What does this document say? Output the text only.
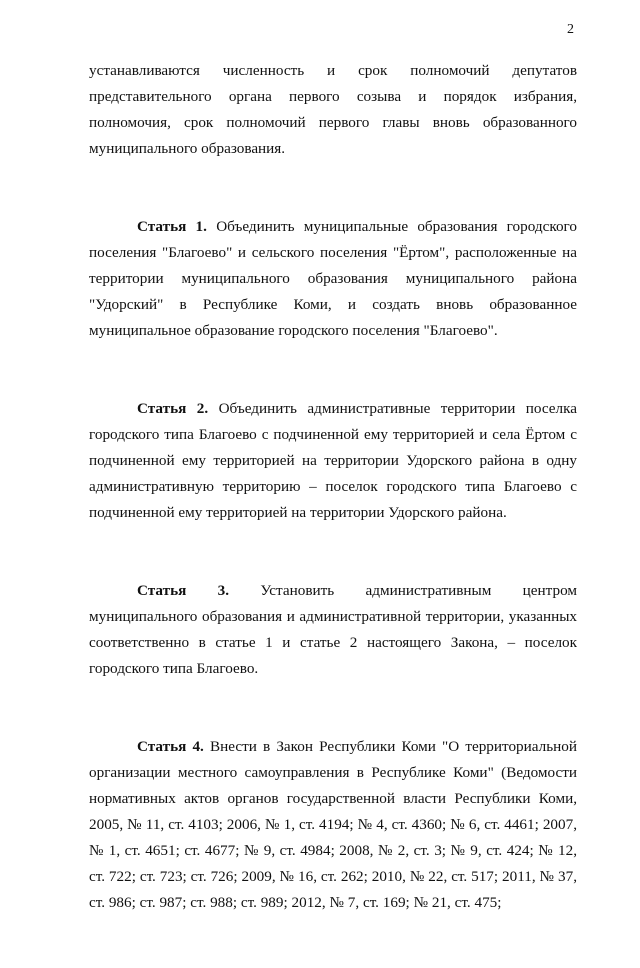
2

устанавливаются численность и срок полномочий депутатов представительного органа первого созыва и порядок избрания, полномочия, срок полномочий первого главы вновь образованного муниципального образования.

Статья 1. Объединить муниципальные образования городского поселения "Благоево" и сельского поселения "Ёртом", расположенные на территории муниципального образования муниципального района "Удорский" в Республике Коми, и создать вновь образованное муниципальное образование городского поселения "Благоево".

Статья 2. Объединить административные территории поселка городского типа Благоево с подчиненной ему территорией и села Ёртом с подчиненной ему территорией на территории Удорского района в одну административную территорию – поселок городского типа Благоево с подчиненной ему территорией на территории Удорского района.

Статья 3. Установить административным центром муниципального образования и административной территории, указанных соответственно в статье 1 и статье 2 настоящего Закона, – поселок городского типа Благоево.

Статья 4. Внести в Закон Республики Коми "О территориальной организации местного самоуправления в Республике Коми" (Ведомости нормативных актов органов государственной власти Республики Коми, 2005, № 11, ст. 4103; 2006, № 1, ст. 4194; № 4, ст. 4360; № 6, ст. 4461; 2007, № 1, ст. 4651; ст. 4677; № 9, ст. 4984; 2008, № 2, ст. 3; № 9, ст. 424; № 12, ст. 722; ст. 723; ст. 726; 2009, № 16, ст. 262; 2010, № 22, ст. 517; 2011, № 37, ст. 986; ст. 987; ст. 988; ст. 989; 2012, № 7, ст. 169; № 21, ст. 475;
